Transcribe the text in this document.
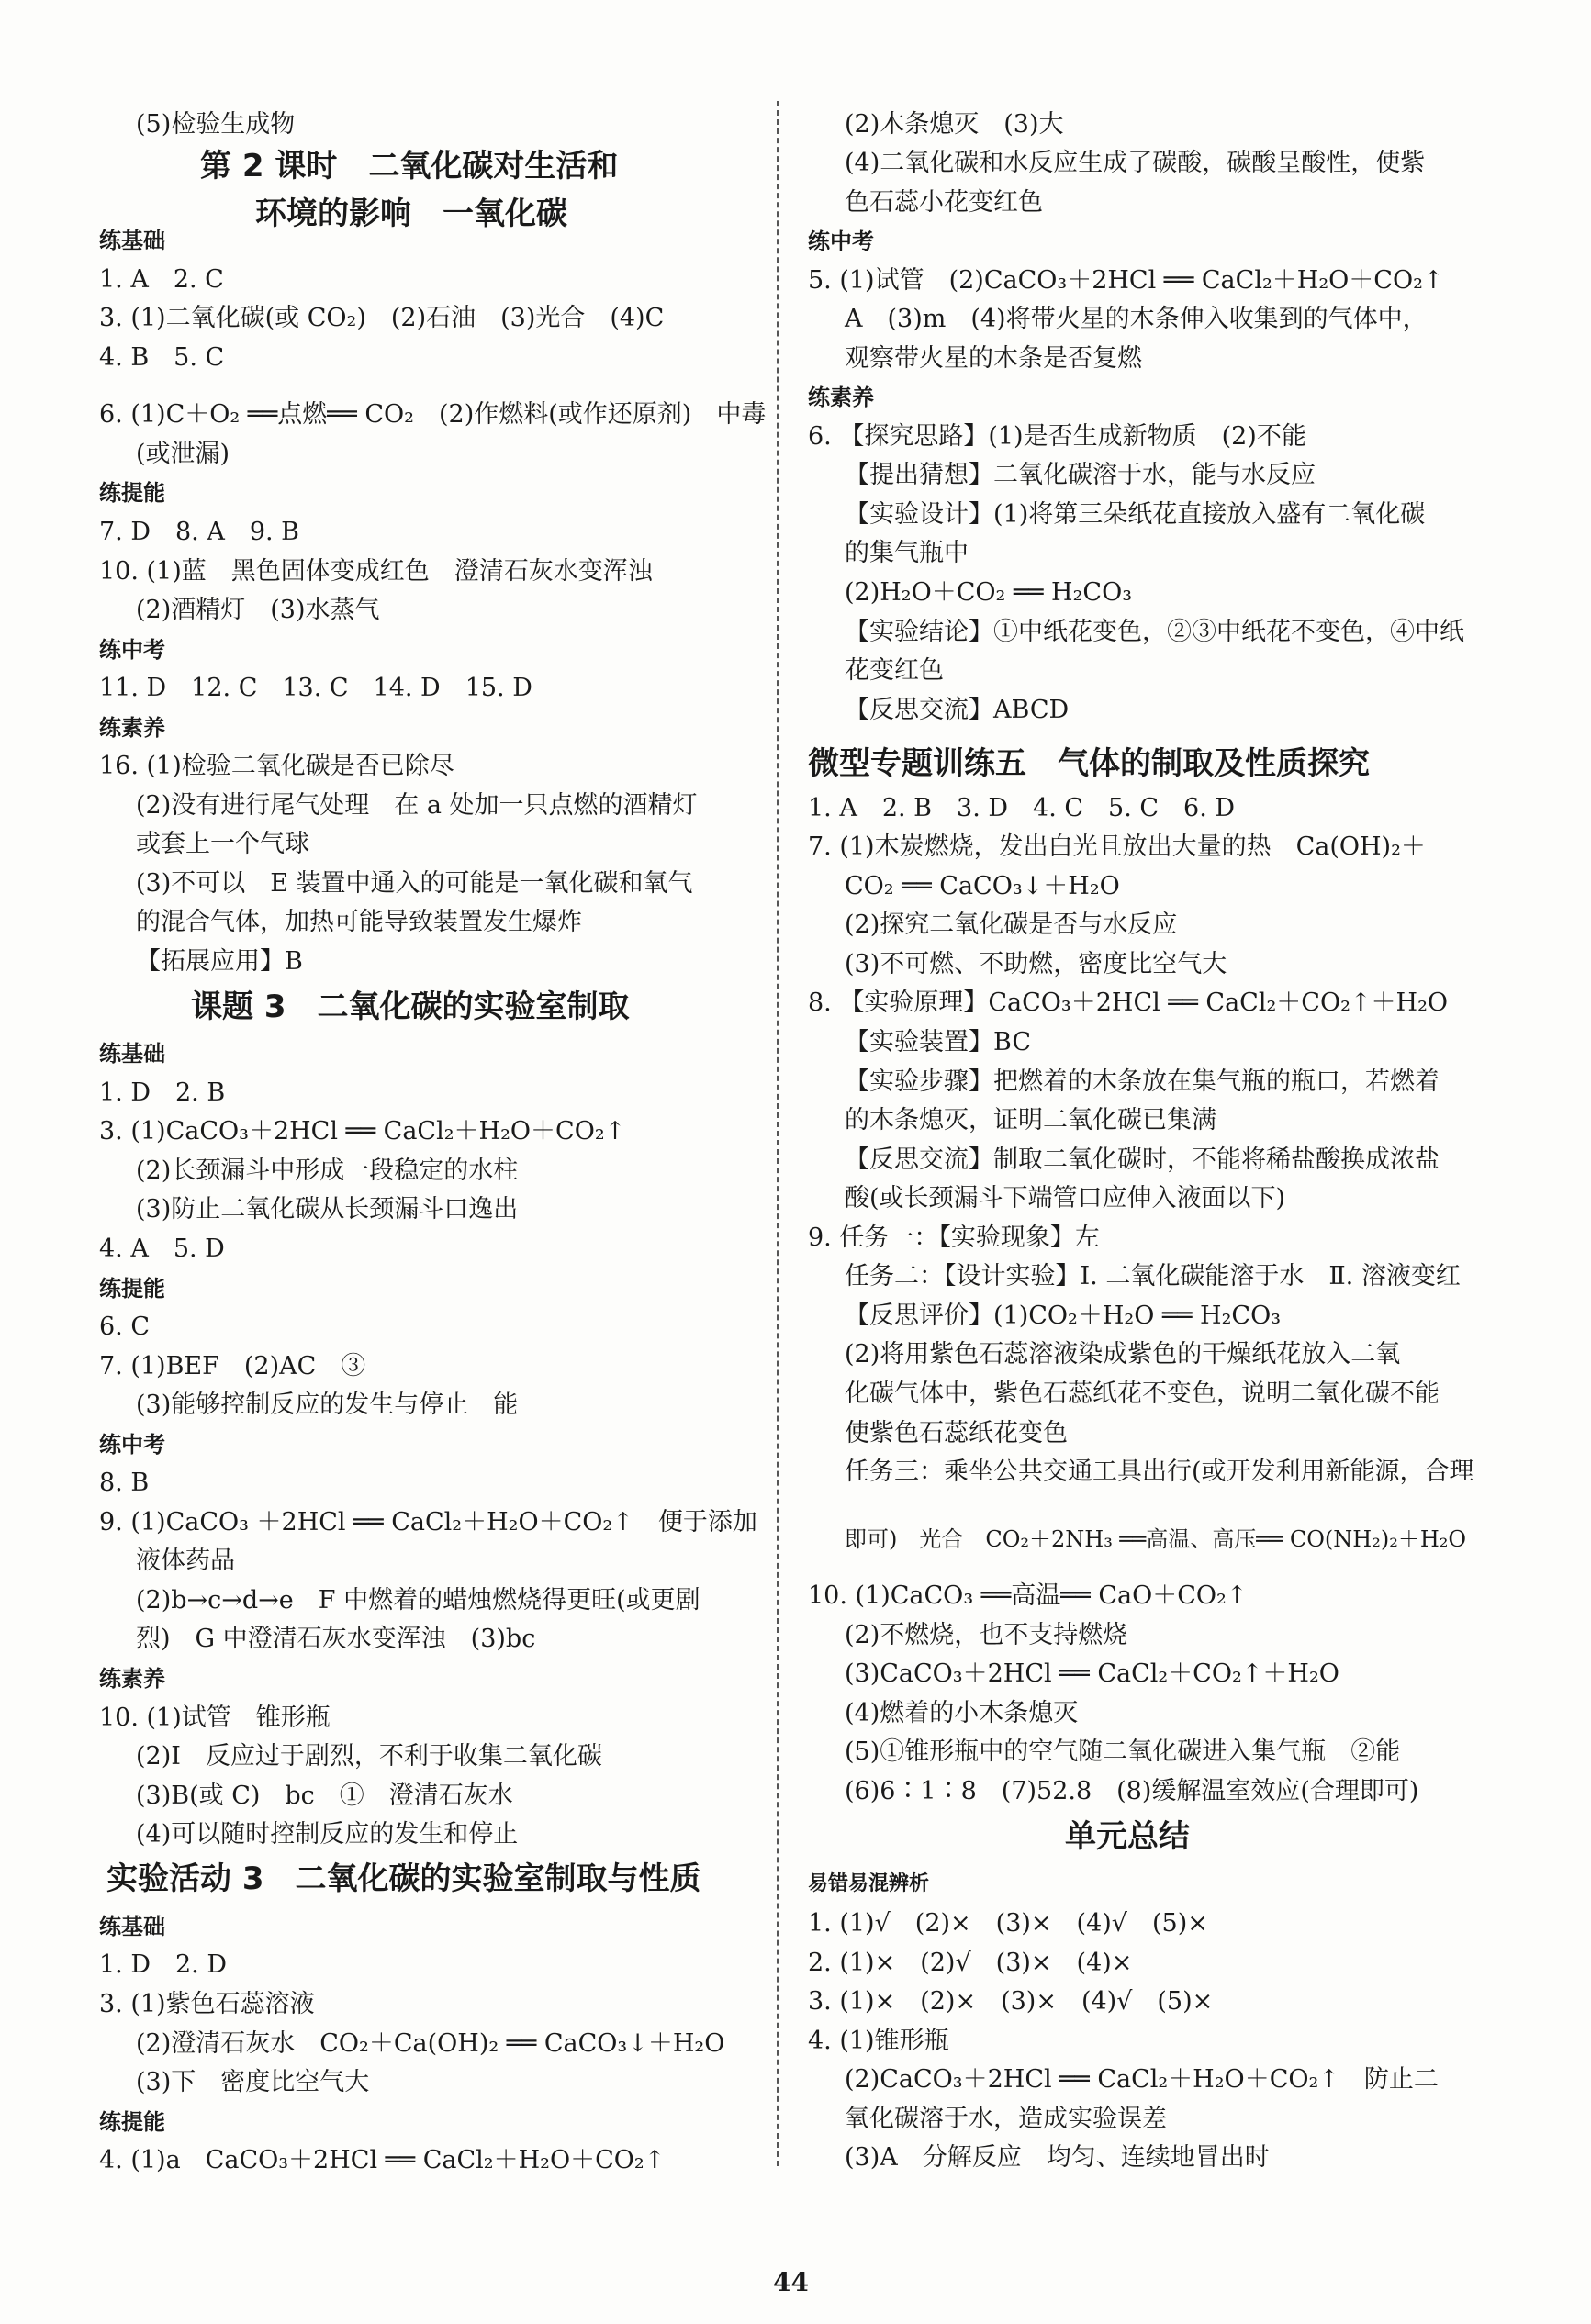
(5)检验生成物
第 2 课时　二氧化碳对生活和
环境的影响　一氧化碳
练基础
1. A　2. C
3. (1)二氧化碳(或 CO₂)　(2)石油　(3)光合　(4)C
4. B　5. C
6. (1)C＋O₂ ══点燃══ CO₂　(2)作燃料(或作还原剂)　中毒
(或泄漏)
练提能
7. D　8. A　9. B
10. (1)蓝　黑色固体变成红色　澄清石灰水变浑浊
(2)酒精灯　(3)水蒸气
练中考
11. D　12. C　13. C　14. D　15. D
练素养
16. (1)检验二氧化碳是否已除尽
(2)没有进行尾气处理　在 a 处加一只点燃的酒精灯
或套上一个气球
(3)不可以　E 装置中通入的可能是一氧化碳和氧气
的混合气体，加热可能导致装置发生爆炸
【拓展应用】B
课题 3　二氧化碳的实验室制取
练基础
1. D　2. B
3. (1)CaCO₃＋2HCl ══ CaCl₂＋H₂O＋CO₂↑
(2)长颈漏斗中形成一段稳定的水柱
(3)防止二氧化碳从长颈漏斗口逸出
4. A　5. D
练提能
6. C
7. (1)BEF　(2)AC　③
(3)能够控制反应的发生与停止　能
练中考
8. B
9. (1)CaCO₃ ＋2HCl ══ CaCl₂＋H₂O＋CO₂↑　便于添加
液体药品
(2)b→c→d→e　F 中燃着的蜡烛燃烧得更旺(或更剧
烈)　G 中澄清石灰水变浑浊　(3)bc
练素养
10. (1)试管　锥形瓶
(2)Ⅰ　反应过于剧烈，不利于收集二氧化碳
(3)B(或 C)　bc　①　澄清石灰水
(4)可以随时控制反应的发生和停止
实验活动 3　二氧化碳的实验室制取与性质
练基础
1. D　2. D
3. (1)紫色石蕊溶液
(2)澄清石灰水　CO₂＋Ca(OH)₂ ══ CaCO₃↓＋H₂O
(3)下　密度比空气大
练提能
4. (1)a　CaCO₃＋2HCl ══ CaCl₂＋H₂O＋CO₂↑
(2)木条熄灭　(3)大
(4)二氧化碳和水反应生成了碳酸，碳酸呈酸性，使紫
色石蕊小花变红色
练中考
5. (1)试管　(2)CaCO₃＋2HCl ══ CaCl₂＋H₂O＋CO₂↑
A　(3)m　(4)将带火星的木条伸入收集到的气体中，
观察带火星的木条是否复燃
练素养
6. 【探究思路】(1)是否生成新物质　(2)不能
【提出猜想】二氧化碳溶于水，能与水反应
【实验设计】(1)将第三朵纸花直接放入盛有二氧化碳
的集气瓶中
(2)H₂O＋CO₂ ══ H₂CO₃
【实验结论】①中纸花变色，②③中纸花不变色，④中纸
花变红色
【反思交流】ABCD
微型专题训练五　气体的制取及性质探究
1. A　2. B　3. D　4. C　5. C　6. D
7. (1)木炭燃烧，发出白光且放出大量的热　Ca(OH)₂＋
CO₂ ══ CaCO₃↓＋H₂O
(2)探究二氧化碳是否与水反应
(3)不可燃、不助燃，密度比空气大
8. 【实验原理】CaCO₃＋2HCl ══ CaCl₂＋CO₂↑＋H₂O
【实验装置】BC
【实验步骤】把燃着的木条放在集气瓶的瓶口，若燃着
的木条熄灭，证明二氧化碳已集满
【反思交流】制取二氧化碳时，不能将稀盐酸换成浓盐
酸(或长颈漏斗下端管口应伸入液面以下)
9. 任务一：【实验现象】左
任务二：【设计实验】Ⅰ. 二氧化碳能溶于水　Ⅱ. 溶液变红
【反思评价】(1)CO₂＋H₂O ══ H₂CO₃
(2)将用紫色石蕊溶液染成紫色的干燥纸花放入二氧
化碳气体中，紫色石蕊纸花不变色，说明二氧化碳不能
使紫色石蕊纸花变色
任务三：乘坐公共交通工具出行(或开发利用新能源，合理
即可)　光合　CO₂＋2NH₃ ══高温、高压══ CO(NH₂)₂＋H₂O
10. (1)CaCO₃ ══高温══ CaO＋CO₂↑
(2)不燃烧，也不支持燃烧
(3)CaCO₃＋2HCl ══ CaCl₂＋CO₂↑＋H₂O
(4)燃着的小木条熄灭
(5)①锥形瓶中的空气随二氧化碳进入集气瓶　②能
(6)6∶1∶8　(7)52.8　(8)缓解温室效应(合理即可)
单元总结
易错易混辨析
1. (1)√　(2)×　(3)×　(4)√　(5)×
2. (1)×　(2)√　(3)×　(4)×
3. (1)×　(2)×　(3)×　(4)√　(5)×
4. (1)锥形瓶
(2)CaCO₃＋2HCl ══ CaCl₂＋H₂O＋CO₂↑　防止二
氧化碳溶于水，造成实验误差
(3)A　分解反应　均匀、连续地冒出时
44
